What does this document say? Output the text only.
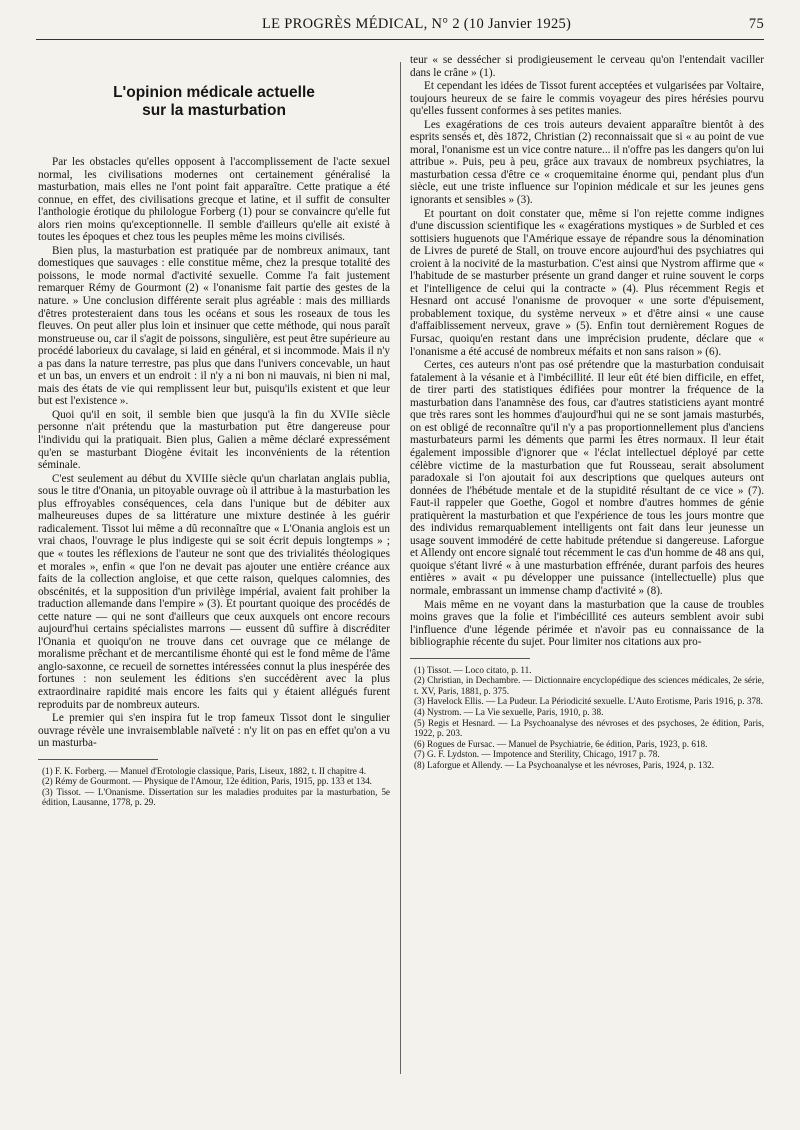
LE PROGRÈS MÉDICAL, N° 2 (10 Janvier 1925)	75
L'opinion médicale actuelle
sur la masturbation

Par les obstacles qu'elles opposent à l'accomplissement de l'acte sexuel normal, les civilisations modernes ont certainement généralisé la masturbation, mais elles ne l'ont point fait apparaître. Cette pratique a été connue, en effet, des civilisations grecque et latine, et il suffit de consulter l'anthologie érotique du philologue Forberg (1) pour se convaincre qu'elle fut alors rien moins qu'exceptionnelle. Il semble d'ailleurs qu'elle ait existé à toutes les époques et chez tous les peuples même les moins civilisés.

Bien plus, la masturbation est pratiquée par de nombreux animaux, tant domestiques que sauvages : elle constitue même, chez la presque totalité des poissons, le mode normal d'activité sexuelle. Comme l'a fait justement remarquer Rémy de Gourmont (2) « l'onanisme fait partie des gestes de la nature. » Une conclusion différente serait plus agréable : mais des milliards d'êtres protesteraient dans tous les océans et sous les roseaux de tous les fleuves. On peut aller plus loin et insinuer que cette méthode, qui nous paraît monstrueuse ou, car il s'agit de poissons, singulière, est peut être supérieure au procédé laborieux du cavalage, si laid en général, et si incommode. Mais il n'y a pas dans la nature terrestre, pas plus que dans l'univers concevable, un haut et un bas, un envers et un endroit : il n'y a ni bon ni mauvais, ni bien ni mal, mais des états de vie qui remplissent leur but, puisqu'ils existent et que leur but est l'existence ».

Quoi qu'il en soit, il semble bien que jusqu'à la fin du XVIIe siècle personne n'ait prétendu que la masturbation put être dangereuse pour l'individu qui la pratiquait. Bien plus, Galien a même déclaré expressément qu'en se masturbant Diogène évitait les inconvénients de la rétention séminale.

C'est seulement au début du XVIIIe siècle qu'un charlatan anglais publia, sous le titre d'Onania, un pitoyable ouvrage où il attribue à la masturbation les plus effroyables conséquences, cela dans l'unique but de débiter aux malheureuses dupes de sa littérature une mixture destinée à les guérir radicalement. Tissot lui même a dû reconnaître que « L'Onania anglois est un vrai chaos, l'ouvrage le plus indigeste qui se soit écrit depuis longtemps » ; que « toutes les réflexions de l'auteur ne sont que des trivialités théologiques et morales », enfin « que l'on ne devait pas ajouter une entière créance aux faits de la collection angloise, et que cette raison, quelques calomnies, des obscénités, et la supposition d'un privilège impérial, avaient fait prohiber la traduction allemande dans l'empire » (3). Et pourtant quoique des procédés de cette nature — qui ne sont d'ailleurs que ceux auxquels ont encore recours aujourd'hui certains spécialistes marrons — eussent dû suffire à discréditer l'Onania et quoiqu'on ne trouve dans cet ouvrage que ce mélange de moralisme prêchant et de mercantilisme éhonté qui est le fond même de l'âme anglo-saxonne, ce recueil de sornettes intéressées connut la plus inespérée des fortunes : non seulement les éditions s'en succédèrent avec la plus extraordinaire rapidité mais encore les faits qui y étaient allégués furent reproduits par de nombreux auteurs.

Le premier qui s'en inspira fut le trop fameux Tissot dont le singulier ouvrage révèle une invraisemblable naïveté : n'y lit on pas en effet qu'on a vu un masturba-

(1) F. K. Forberg. — Manuel d'Erotologie classique, Paris, Liseux, 1882, t. II chapitre 4.

(2) Rémy de Gourmont. — Physique de l'Amour, 12e édition, Paris, 1915, pp. 133 et 134.

(3) Tissot. — L'Onanisme. Dissertation sur les maladies produites par la masturbation, 5e édition, Lausanne, 1778, p. 29.

teur « se dessécher si prodigieusement le cerveau qu'on l'entendait vaciller dans le crâne » (1).

Et cependant les idées de Tissot furent acceptées et vulgarisées par Voltaire, toujours heureux de se faire le commis voyageur des pires hérésies pourvu qu'elles fussent conformes à ses petites manies.

Les exagérations de ces trois auteurs devaient apparaître bientôt à des esprits sensés et, dès 1872, Christian (2) reconnaissait que si « au point de vue moral, l'onanisme est un vice contre nature... il n'offre pas les dangers qu'on lui attribue ». Puis, peu à peu, grâce aux travaux de nombreux psychiatres, la masturbation cessa d'être ce « croquemitaine énorme qui, pendant plus d'un siècle, eut une triste influence sur l'opinion médicale et sur les jeunes gens ignorants et sensibles » (3).

Et pourtant on doit constater que, même si l'on rejette comme indignes d'une discussion scientifique les « exagérations mystiques » de Surbled et ces sottisiers huguenots que l'Amérique essaye de répandre sous la dénomination de Livres de pureté de Stall, on trouve encore aujourd'hui des psychiatres qui croient à la nocivité de la masturbation. C'est ainsi que Nystrom affirme que « l'habitude de se masturber présente un grand danger et ruine souvent le corps et l'intelligence de celui qui la contracte » (4). Plus récemment Regis et Hesnard ont accusé l'onanisme de provoquer « une sorte d'épuisement, probablement toxique, du système nerveux » et d'être ainsi « une cause d'affaiblissement nerveux, grave » (5). Enfin tout dernièrement Rogues de Fursac, quoiqu'en restant dans une imprécision prudente, déclare que « l'onanisme a été accusé de nombreux méfaits et non sans raison » (6).

Certes, ces auteurs n'ont pas osé prétendre que la masturbation conduisait fatalement à la vésanie et à l'imbécillité. Il leur eût été bien difficile, en effet, de tirer parti des statistiques édifiées pour montrer la fréquence de la masturbation dans l'anamnèse des fous, car d'autres statisticiens ayant montré que très rares sont les hommes d'aujourd'hui qui ne se sont jamais masturbés, on est obligé de reconnaître qu'il n'y a pas proportionnellement plus d'anciens masturbateurs parmi les déments que parmi les êtres normaux. Il leur était également impossible d'ignorer que « l'éclat intellectuel déployé par cette célèbre victime de la masturbation que fut Rousseau, serait absolument paradoxale si l'on ajoutait foi aux descriptions que quelques auteurs ont données de l'hébétude mentale et de la stupidité résultant de ce vice » (7). Faut-il rappeler que Goethe, Gogol et nombre d'autres hommes de génie pratiquèrent la masturbation et que l'expérience de tous les jours montre que des individus remarquablement intelligents ont fait dans leur jeunesse un usage souvent immodéré de cette habitude prétendue si dangereuse. Laforgue et Allendy ont encore signalé tout récemment le cas d'un homme de 48 ans qui, quoique s'étant livré « à une masturbation effrénée, durant parfois des heures entières » avait « pu développer une puissance (intellectuelle) plus que normale, embrassant un immense champ d'activité » (8).

Mais même en ne voyant dans la masturbation que la cause de troubles moins graves que la folie et l'imbécillité ces auteurs semblent avoir subi l'influence d'une légende périmée et n'avoir pas eu connaissance de la bibliographie récente du sujet. Pour limiter nos citations aux pro-

(1) Tissot. — Loco citato, p. 11.

(2) Christian, in Dechambre. — Dictionnaire encyclopédique des sciences médicales, 2e série, t. XV, Paris, 1881, p. 375.

(3) Havelock Ellis. — La Pudeur. La Périodicité sexuelle. L'Auto Erotisme, Paris 1916, p. 378.

(4) Nystrom. — La Vie sexuelle, Paris, 1910, p. 38.

(5) Regis et Hesnard. — La Psychoanalyse des névroses et des psychoses, 2e édition, Paris, 1922, p. 203.

(6) Rogues de Fursac. — Manuel de Psychiatrie, 6e édition, Paris, 1923, p. 618.

(7) G. F. Lydston. — Impotence and Sterility, Chicago, 1917 p. 78.

(8) Laforgue et Allendy. — La Psychoanalyse et les névroses, Paris, 1924, p. 132.
